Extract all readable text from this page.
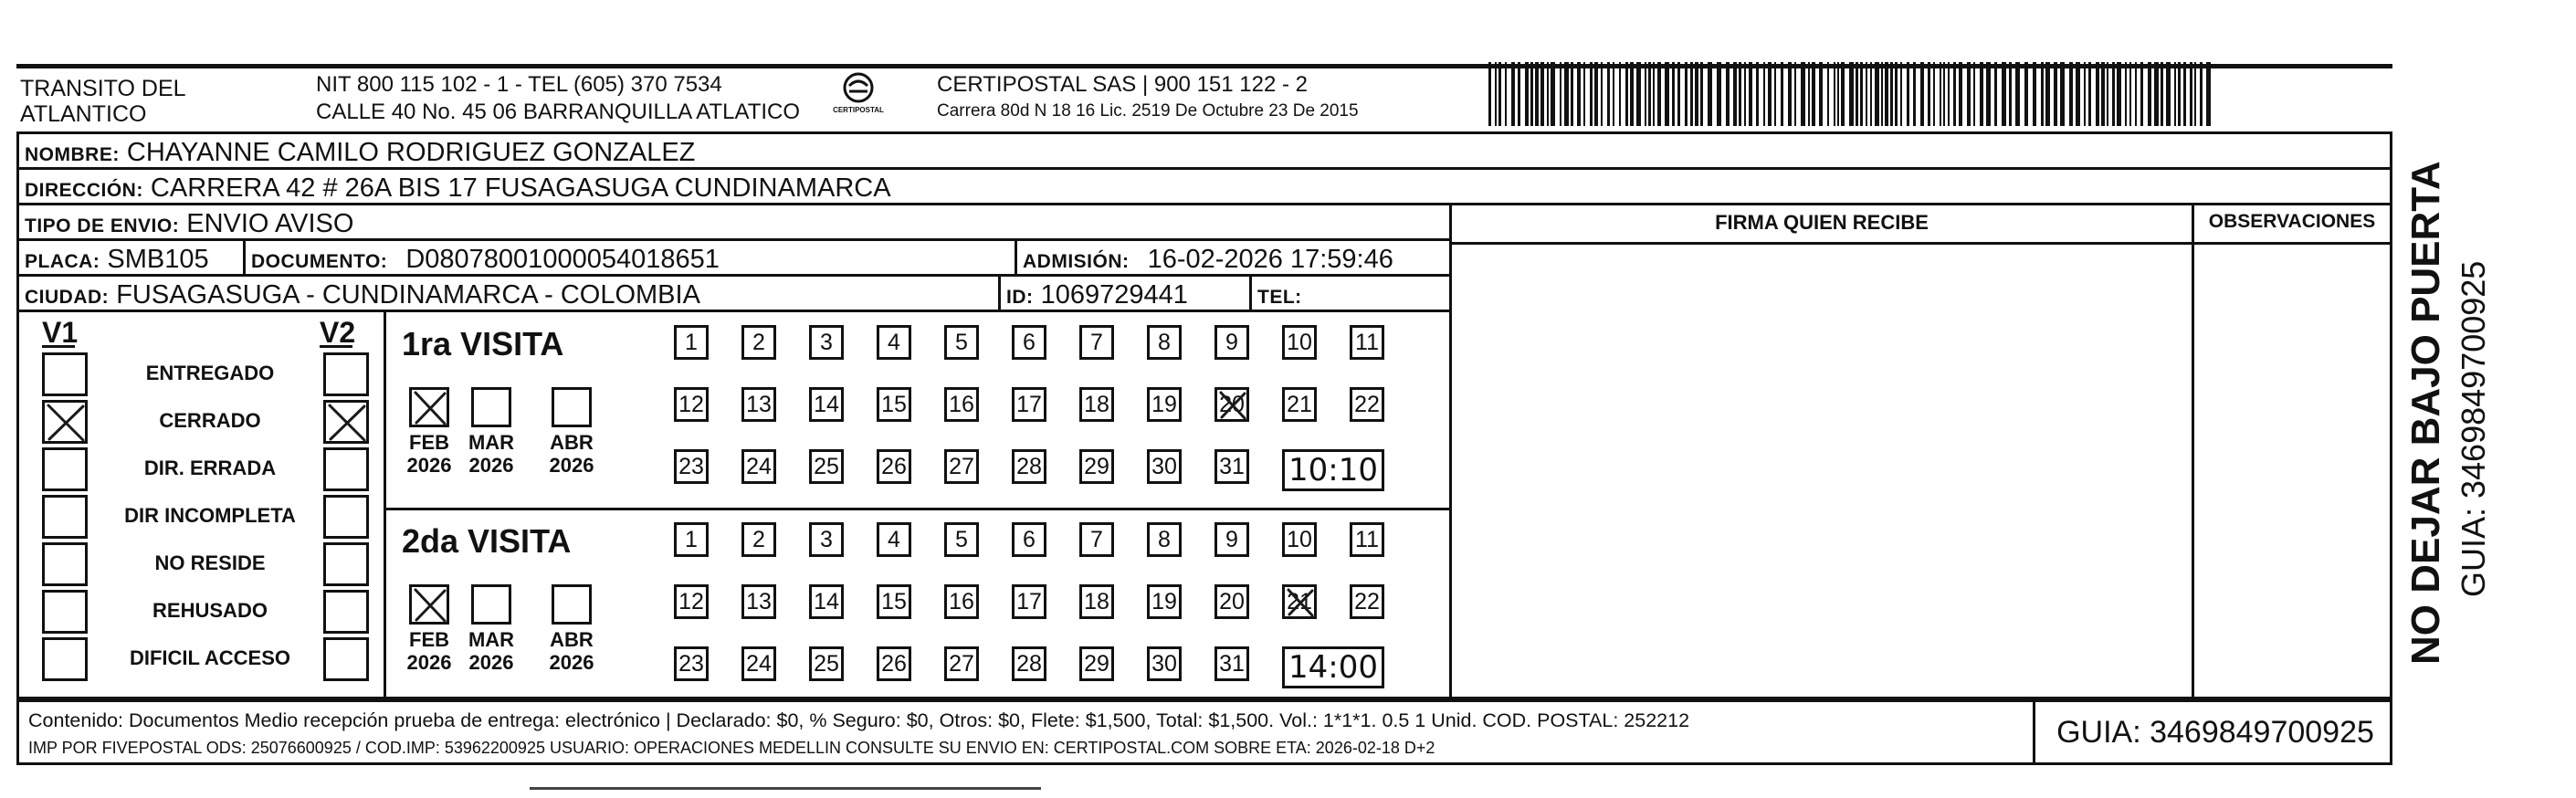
TRANSITO DEL
ATLANTICO
NIT 800 115 102 - 1 - TEL (605) 370 7534
CALLE 40 No. 45 06 BARRANQUILLA ATLATICO	CERTIPOSTAL
CERTIPOSTAL SAS | 900 151 122 - 2
Carrera 80d N 18 16 Lic. 2519 De Octubre 23 De 2015
NOMBRE: CHAYANNE CAMILO RODRIGUEZ GONZALEZ
DIRECCIÓN: CARRERA 42 # 26A BIS 17 FUSAGASUGA CUNDINAMARCA
TIPO DE ENVIO: ENVIO AVISO
PLACA: SMB105	DOCUMENTO: D08078001000054018651	ADMISIÓN: 16-02-2026 17:59:46
CIUDAD: FUSAGASUGA - CUNDINAMARCA - COLOMBIA	ID: 1069729441	TEL:
FIRMA QUIEN RECIBE	OBSERVACIONES
V1	V2
ENTREGADO
CERRADO
DIR. ERRADA
DIR INCOMPLETA
NO RESIDE
REHUSADO
DIFICIL ACCESO
1ra VISITA
FEB
2026
MAR
2026
ABR
2026
1 2 3 4 5 6 7 8 9 10 11
12 13 14 15 16 17 18 19 20 21 22
23 24 25 26 27 28 29 30 31 10:10
2da VISITA
FEB
2026
MAR
2026
ABR
2026
1 2 3 4 5 6 7 8 9 10 11
12 13 14 15 16 17 18 19 20 21 22
23 24 25 26 27 28 29 30 31 14:00
Contenido: Documentos Medio recepción prueba de entrega: electrónico | Declarado: $0, % Seguro: $0, Otros: $0, Flete: $1,500, Total: $1,500. Vol.: 1*1*1. 0.5 1 Unid. COD. POSTAL: 252212
IMP POR FIVEPOSTAL ODS: 25076600925 / COD.IMP: 53962200925 USUARIO: OPERACIONES MEDELLIN CONSULTE SU ENVIO EN: CERTIPOSTAL.COM SOBRE ETA: 2026-02-18 D+2	GUIA: 3469849700925
NO DEJAR BAJO PUERTA GUIA: 3469849700925
